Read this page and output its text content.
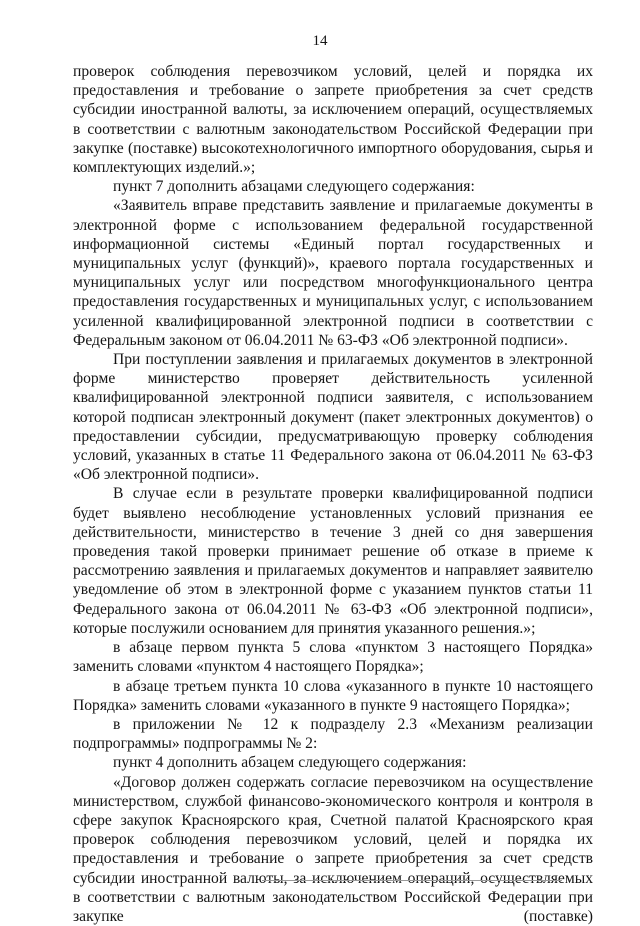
14

проверок соблюдения перевозчиком условий, целей и порядка их предоставления и требование о запрете приобретения за счет средств субсидии иностранной валюты, за исключением операций, осуществляемых в соответствии с валютным законодательством Российской Федерации при закупке (поставке) высокотехнологичного импортного оборудования, сырья и комплектующих изделий.»;

пункт 7 дополнить абзацами следующего содержания:

«Заявитель вправе представить заявление и прилагаемые документы в электронной форме с использованием федеральной государственной информационной системы «Единый портал государственных и муниципальных услуг (функций)», краевого портала государственных и муниципальных услуг или посредством многофункционального центра предоставления государственных и муниципальных услуг, с использованием усиленной квалифицированной электронной подписи в соответствии с Федеральным законом от 06.04.2011 № 63-ФЗ «Об электронной подписи».

При поступлении заявления и прилагаемых документов в электронной форме министерство проверяет действительность усиленной квалифицированной электронной подписи заявителя, с использованием которой подписан электронный документ (пакет электронных документов) о предоставлении субсидии, предусматривающую проверку соблюдения условий, указанных в статье 11 Федерального закона от 06.04.2011 № 63-ФЗ «Об электронной подписи».

В случае если в результате проверки квалифицированной подписи будет выявлено несоблюдение установленных условий признания ее действительности, министерство в течение 3 дней со дня завершения проведения такой проверки принимает решение об отказе в приеме к рассмотрению заявления и прилагаемых документов и направляет заявителю уведомление об этом в электронной форме с указанием пунктов статьи 11 Федерального закона от 06.04.2011 № 63-ФЗ «Об электронной подписи», которые послужили основанием для принятия указанного решения.»;

в абзаце первом пункта 5 слова «пунктом 3 настоящего Порядка» заменить словами «пунктом 4 настоящего Порядка»;

в абзаце третьем пункта 10 слова «указанного в пункте 10 настоящего Порядка» заменить словами «указанного в пункте 9 настоящего Порядка»;

в приложении № 12 к подразделу 2.3 «Механизм реализации подпрограммы» подпрограммы № 2:

пункт 4 дополнить абзацем следующего содержания:

«Договор должен содержать согласие перевозчиком на осуществление министерством, службой финансово-экономического контроля и контроля в сфере закупок Красноярского края, Счетной палатой Красноярского края проверок соблюдения перевозчиком условий, целей и порядка их предоставления и требование о запрете приобретения за счет средств субсидии иностранной валюты, за исключением операций, осуществляемых в соответствии с валютным законодательством Российской Федерации при закупке (поставке)
